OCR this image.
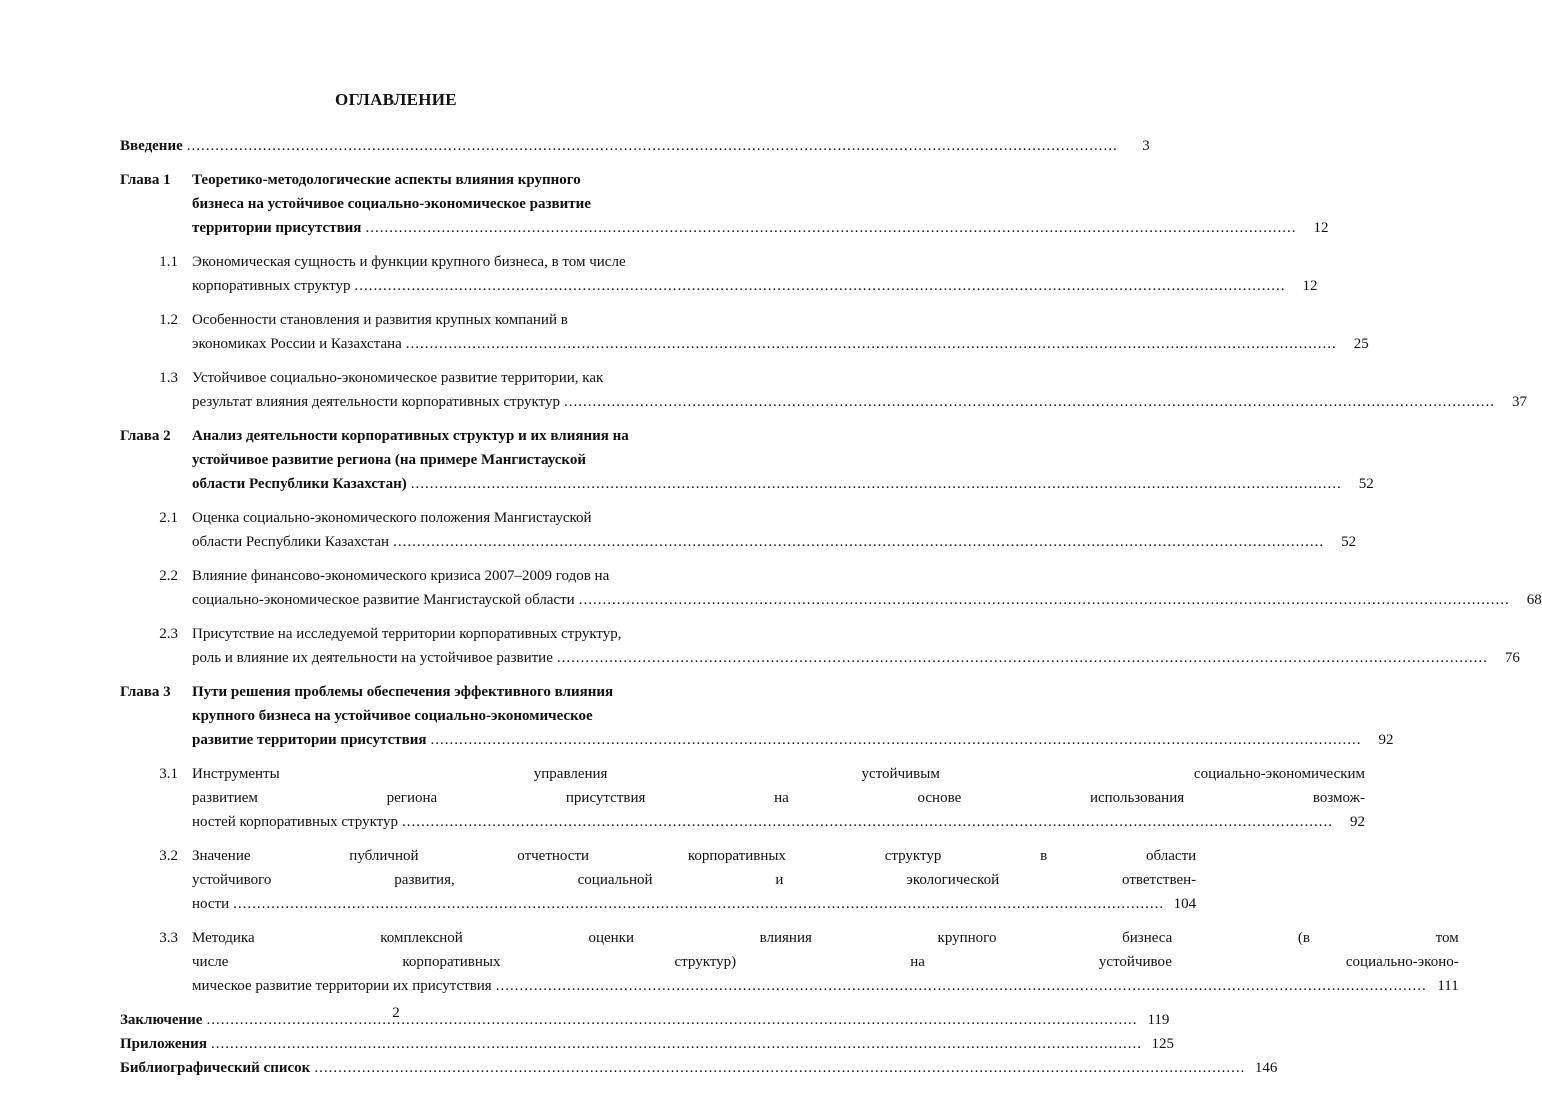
ОГЛАВЛЕНИЕ
Введение .....	3
Глава 1	Теоретико-методологические аспекты влияния крупного
бизнеса на устойчивое социально-экономическое развитие
территории присутствия .....	12
1.1 Экономическая сущность и функции крупного бизнеса, в том числе
корпоративных структур .....	12
1.2 Особенности становления и развития крупных компаний в
экономиках России и Казахстана .....	25
1.3 Устойчивое социально-экономическое развитие территории, как
результат влияния деятельности корпоративных структур .....	37
Глава 2	Анализ деятельности корпоративных структур и их влияния на
устойчивое развитие региона (на примере Мангистауской
области Республики Казахстан) .....	52
2.1 Оценка социально-экономического положения Мангистауской
области Республики Казахстан .....	52
2.2 Влияние финансово-экономического кризиса 2007–2009 годов на
социально-экономическое развитие Мангистауской области .....	68
2.3 Присутствие на исследуемой территории корпоративных структур,
роль и влияние их деятельности на устойчивое развитие .....	76
Глава 3	Пути решения проблемы обеспечения эффективного влияния
крупного бизнеса на устойчивое социально-экономическое
развитие территории присутствия .....	92
3.1 Инструменты управления устойчивым социально-экономическим
развитием региона присутствия на основе использования возмож-
ностей корпоративных структур .....	92
3.2 Значение публичной отчетности корпоративных структур в области
устойчивого развития, социальной и экологической ответствен-
ности .....	104
3.3 Методика комплексной оценки влияния крупного бизнеса (в том
числе корпоративных структур) на устойчивое социально-эконо-
мическое развитие территории их присутствия .....	111
Заключение .....	119
Приложения .....	125
Библиографический список .....	146
2
